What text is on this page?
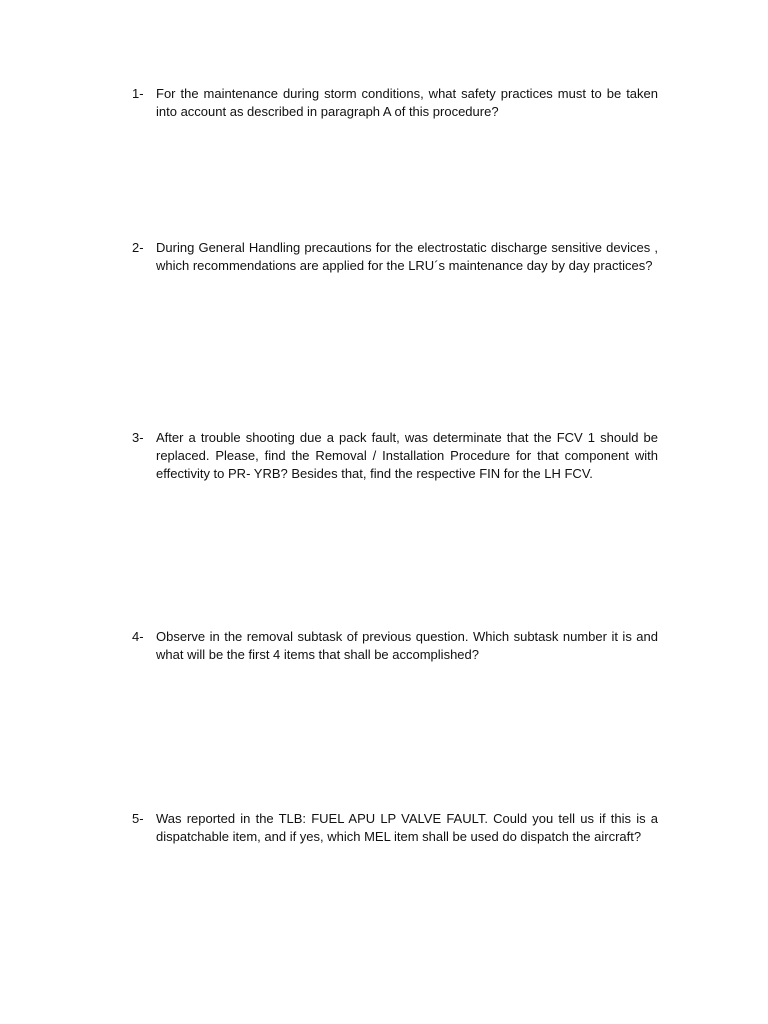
1- For the maintenance during storm conditions, what safety practices must to be taken into account as described in paragraph A of this procedure?
2- During General Handling precautions for the electrostatic discharge sensitive devices , which recommendations are applied for the LRU´s maintenance day by day practices?
3- After a trouble shooting due a pack fault, was determinate that the FCV 1 should be replaced. Please, find the Removal / Installation Procedure for that component with effectivity to PR- YRB? Besides that, find the respective FIN for the LH FCV.
4- Observe in the removal subtask of previous question. Which subtask number it is and what will be the first 4 items that shall be accomplished?
5- Was reported in the TLB: FUEL APU LP VALVE FAULT. Could you tell us if this is a dispatchable item, and if yes, which MEL item shall be used do dispatch the aircraft?
